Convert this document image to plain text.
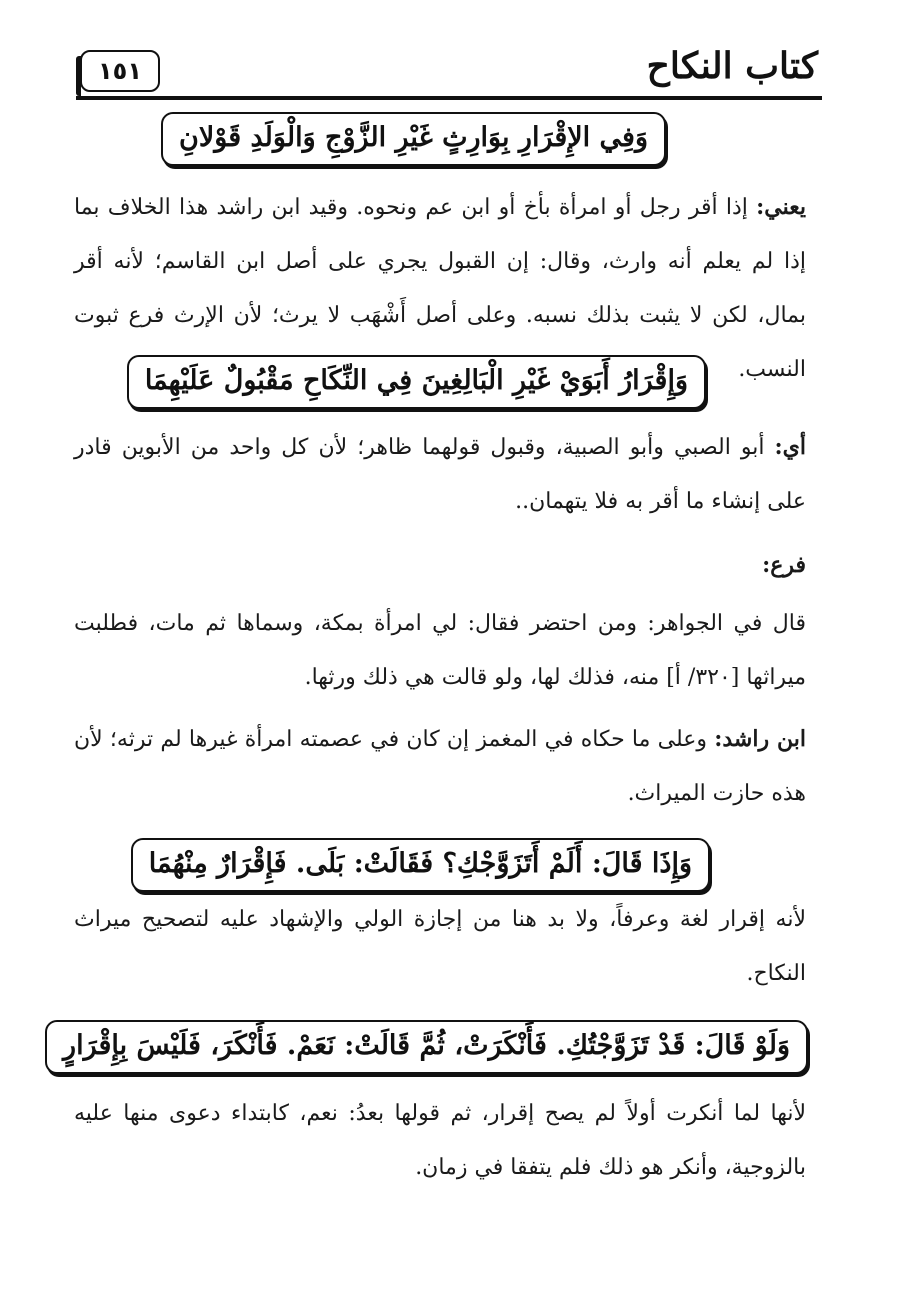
كتاب النكاح
١٥١
وَفِي الإِقْرَارِ بِوَارِثٍ غَيْرِ الزَّوْجِ وَالْوَلَدِ قَوْلانِ
يعني: إذا أقر رجل أو امرأة بأخ أو ابن عم ونحوه. وقيد ابن راشد هذا الخلاف بما إذا لم يعلم أنه وارث، وقال: إن القبول يجري على أصل ابن القاسم؛ لأنه أقر بمال، لكن لا يثبت بذلك نسبه. وعلى أصل أَشْهَب لا يرث؛ لأن الإرث فرع ثبوت النسب.
وَإِقْرَارُ أَبَوَيْ غَيْرِ الْبَالِغِينَ فِي النِّكَاحِ مَقْبُولٌ عَلَيْهِمَا
أي: أبو الصبي وأبو الصبية، وقبول قولهما ظاهر؛ لأن كل واحد من الأبوين قادر على إنشاء ما أقر به فلا يتهمان..
فرع:
قال في الجواهر: ومن احتضر فقال: لي امرأة بمكة، وسماها ثم مات، فطلبت ميراثها [٣٢٠/ أ] منه، فذلك لها، ولو قالت هي ذلك ورثها.
ابن راشد: وعلى ما حكاه في المغمز إن كان في عصمته امرأة غيرها لم ترثه؛ لأن هذه حازت الميراث.
وَإِذَا قَالَ: أَلَمْ أَتَزَوَّجْكِ؟ فَقَالَتْ: بَلَى. فَإِقْرَارٌ مِنْهُمَا
لأنه إقرار لغة وعرفاً، ولا بد هنا من إجازة الولي والإشهاد عليه لتصحيح ميراث النكاح.
وَلَوْ قَالَ: قَدْ تَزَوَّجْتُكِ. فَأَنْكَرَتْ، ثُمَّ قَالَتْ: نَعَمْ. فَأَنْكَرَ، فَلَيْسَ بِإِقْرَارٍ
لأنها لما أنكرت أولاً لم يصح إقرار، ثم قولها بعدُ: نعم، كابتداء دعوى منها عليه بالزوجية، وأنكر هو ذلك فلم يتفقا في زمان.
